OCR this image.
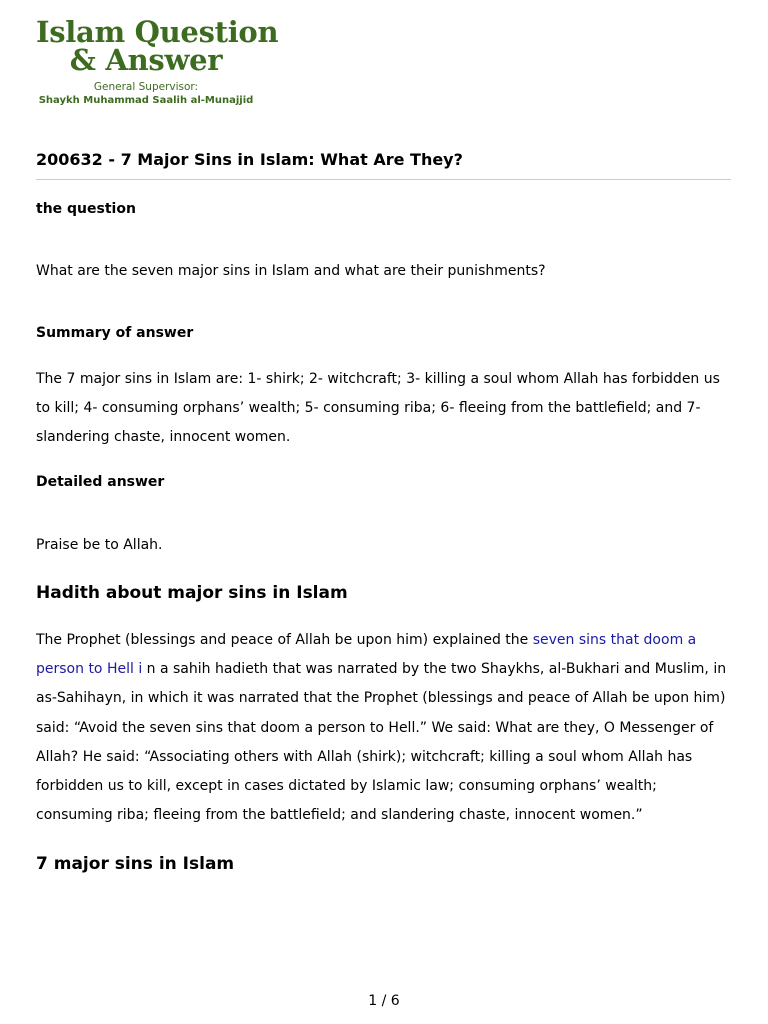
Islam Question
& Answer
General Supervisor:
Shaykh Muhammad Saalih al-Munajjid
200632 - 7 Major Sins in Islam: What Are They?
the question
What are the seven major sins in Islam and what are their punishments?
Summary of answer
The 7 major sins in Islam are: 1- shirk; 2- witchcraft; 3- killing a soul whom Allah has forbidden us to kill; 4- consuming orphans’ wealth; 5- consuming riba; 6- fleeing from the battlefield; and 7- slandering chaste, innocent women.
Detailed answer
Praise be to Allah.
Hadith about major sins in Islam
The Prophet (blessings and peace of Allah be upon him) explained the seven sins that doom a person to Hell i n a sahih hadieth that was narrated by the two Shaykhs, al-Bukhari and Muslim, in as-Sahihayn, in which it was narrated that the Prophet (blessings and peace of Allah be upon him) said: “Avoid the seven sins that doom a person to Hell.” We said: What are they, O Messenger of Allah? He said: “Associating others with Allah (shirk); witchcraft; killing a soul whom Allah has forbidden us to kill, except in cases dictated by Islamic law; consuming orphans’ wealth; consuming riba; fleeing from the battlefield; and slandering chaste, innocent women.”
7 major sins in Islam
1 / 6
